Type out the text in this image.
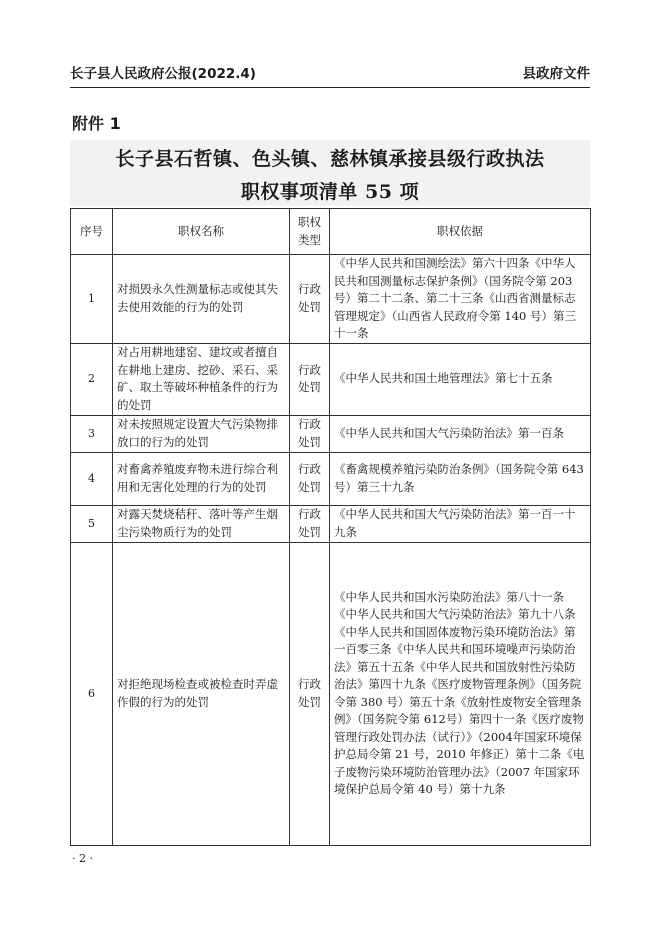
长子县人民政府公报(2022.4)	县政府文件
附件 1
长子县石哲镇、色头镇、慈林镇承接县级行政执法
职权事项清单 55 项
序号	职权名称	职权类型	职权依据
1	对损毁永久性测量标志或使其失去使用效能的行为的处罚	行政处罚	《中华人民共和国测绘法》第六十四条《中华人民共和国测量标志保护条例》（国务院令第 203 号）第二十二条、第二十三条《山西省测量标志管理规定》（山西省人民政府令第 140 号）第三十一条
2	对占用耕地建窑、建坟或者擅自在耕地上建房、挖砂、采石、采矿、取土等破坏种植条件的行为的处罚	行政处罚	《中华人民共和国土地管理法》第七十五条
3	对未按照规定设置大气污染物排放口的行为的处罚	行政处罚	《中华人民共和国大气污染防治法》第一百条
4	对畜禽养殖废弃物未进行综合利用和无害化处理的行为的处罚	行政处罚	《畜禽规模养殖污染防治条例》（国务院令第 643 号）第三十九条
5	对露天焚烧秸秆、落叶等产生烟尘污染物质行为的处罚	行政处罚	《中华人民共和国大气污染防治法》第一百一十九条
6	对拒绝现场检查或被检查时弄虚作假的行为的处罚	行政处罚	《中华人民共和国水污染防治法》第八十一条《中华人民共和国大气污染防治法》第九十八条《中华人民共和国固体废物污染环境防治法》第一百零三条《中华人民共和国环境噪声污染防治法》第五十五条《中华人民共和国放射性污染防治法》第四十九条《医疗废物管理条例》（国务院令第 380 号）第五十条《放射性废物安全管理条例》（国务院令第 612号）第四十一条《医疗废物管理行政处罚办法（试行）》（2004年国家环境保护总局令第 21 号，2010 年修正）第十二条《电子废物污染环境防治管理办法》（2007 年国家环境保护总局令第 40 号）第十九条
· 2 ·
